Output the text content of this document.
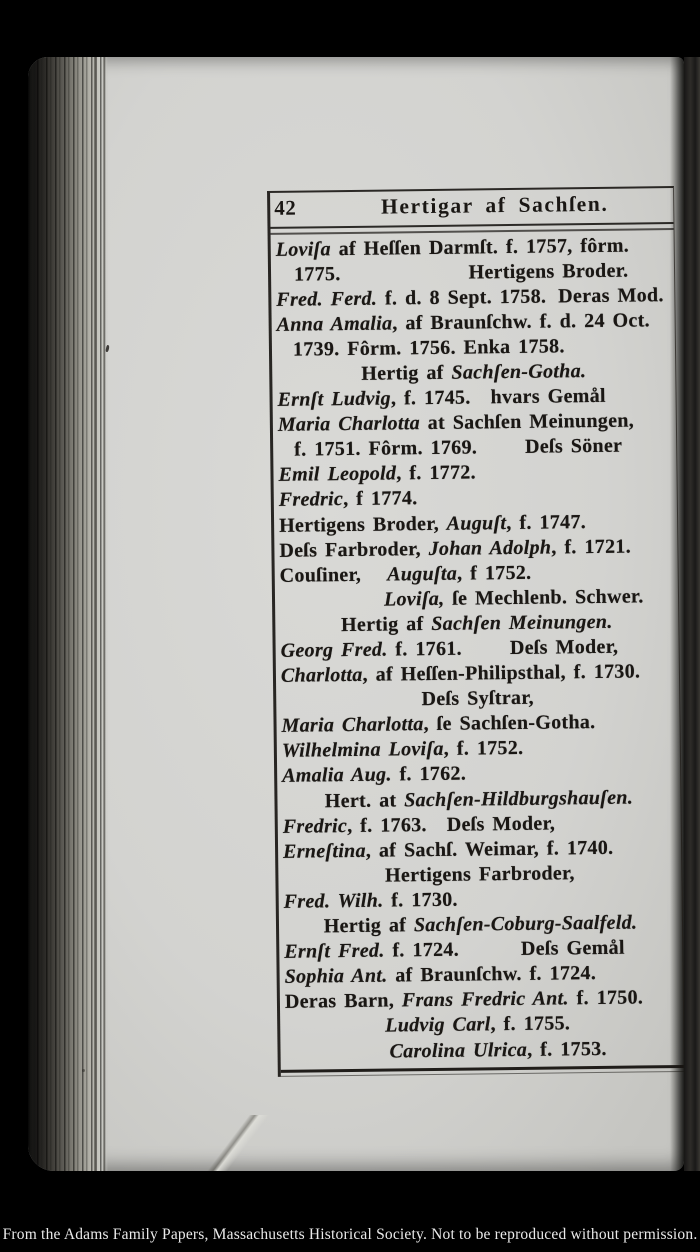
42	Hertigar af Sachſen.
Loviſa af Heſſen Darmſt. f. 1757, fôrm.
1775.	Hertigens Broder.
Fred. Ferd. f. d. 8 Sept. 1758. Deras Mod.
Anna Amalia, af Braunſchw. f. d. 24 Oct.
1739. Fôrm. 1756. Enka 1758.
Hertig af Sachſen-Gotha.
Ernſt Ludvig, f. 1745. hvars Gemål
Maria Charlotta at Sachſen Meinungen,
f. 1751. Fôrm. 1769. Deſs Söner
Emil Leopold, f. 1772.
Fredric, f 1774.
Hertigens Broder, Auguſt, f. 1747.
Deſs Farbroder, Johan Adolph, f. 1721.
Couſiner, Auguſta, f 1752.
Loviſa, ſe Mechlenb. Schwer.
Hertig af Sachſen Meinungen.
Georg Fred. f. 1761. Deſs Moder,
Charlotta, af Heſſen-Philipsthal, f. 1730.
Deſs Syſtrar,
Maria Charlotta, ſe Sachſen-Gotha.
Wilhelmina Loviſa, f. 1752.
Amalia Aug. f. 1762.
Hert. at Sachſen-Hildburgshauſen.
Fredric, f. 1763. Deſs Moder,
Erneſtina, af Sachſ. Weimar, f. 1740.
Hertigens Farbroder,
Fred. Wilh. f. 1730.
Hertig af Sachſen-Coburg-Saalfeld.
Ernſt Fred. f. 1724.	Deſs Gemål
Sophia Ant. af Braunſchw. f. 1724.
Deras Barn, Frans Fredric Ant. f. 1750.
Ludvig Carl, f. 1755.
Carolina Ulrica, f. 1753.
From the Adams Family Papers, Massachusetts Historical Society. Not to be reproduced without permission.
